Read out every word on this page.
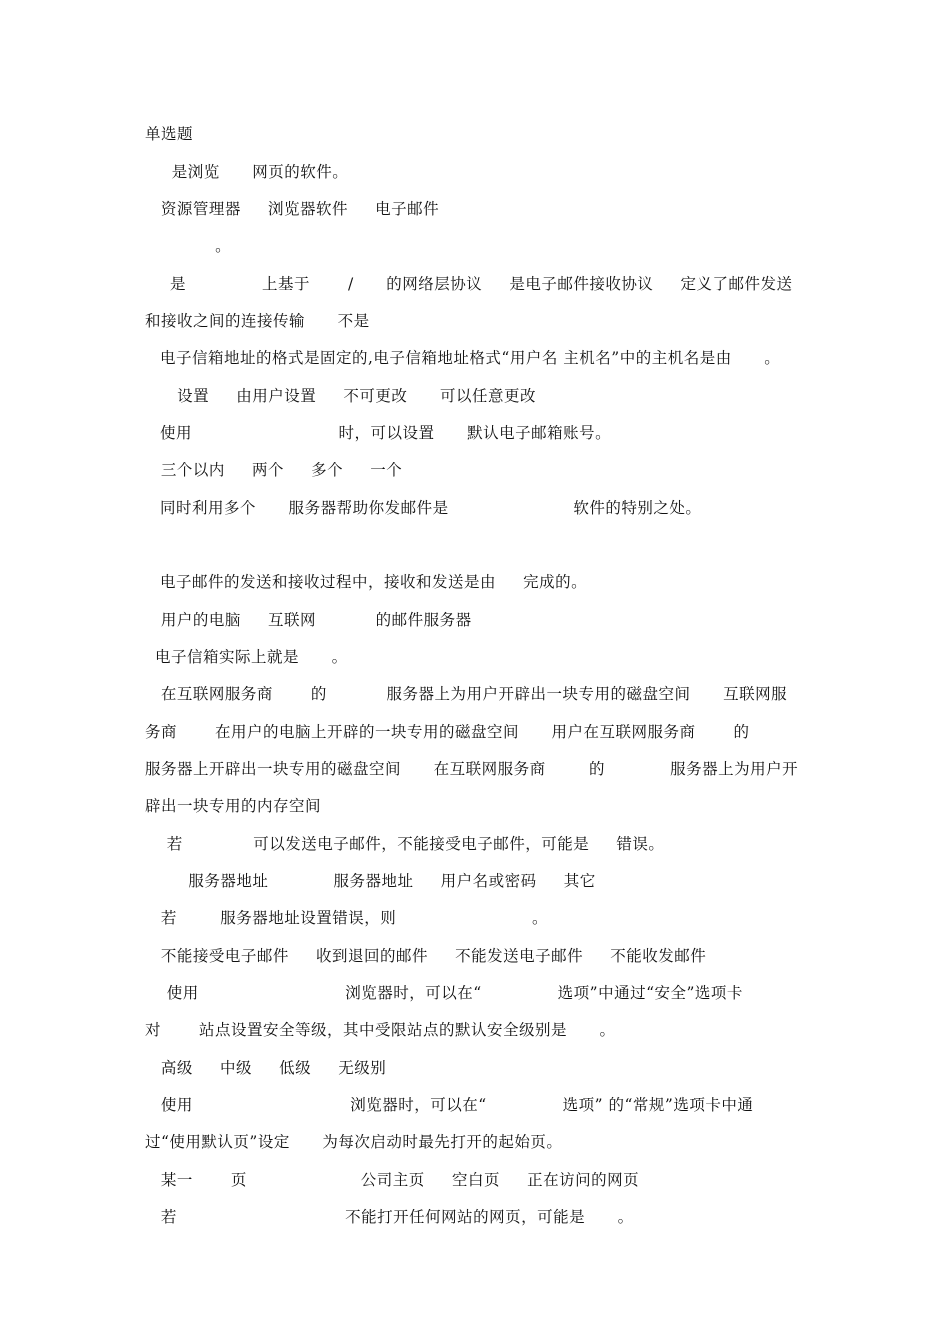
单选题

是浏览      网页的软件。

资源管理器     浏览器软件     电子邮件

。

是              上基于       /      的网络层协议     是电子邮件接收协议     定义了邮件发送

和接收之间的连接传输      不是

电子信箱地址的格式是固定的,电子信箱地址格式“用户名 主机名”中的主机名是由      。

设置     由用户设置     不可更改      可以任意更改

使用                           时，可以设置      默认电子邮箱账号。

三个以内     两个     多个     一个

同时利用多个      服务器帮助你发邮件是                       软件的特别之处。

电子邮件的发送和接收过程中，接收和发送是由     完成的。

用户的电脑     互联网           的邮件服务器

电子信箱实际上就是      。

在互联网服务商       的           服务器上为用户开辟出一块专用的磁盘空间      互联网服

务商       在用户的电脑上开辟的一块专用的磁盘空间      用户在互联网服务商       的

服务器上开辟出一块专用的磁盘空间      在互联网服务商        的            服务器上为用户开

辟出一块专用的内存空间

若             可以发送电子邮件，不能接受电子邮件，可能是     错误。

服务器地址            服务器地址     用户名或密码     其它

若        服务器地址设置错误，则                         。

不能接受电子邮件     收到退回的邮件     不能发送电子邮件     不能收发邮件

使用                           浏览器时，可以在“              选项”中通过“安全”选项卡

对       站点设置安全等级，其中受限站点的默认安全级别是      。

高级     中级     低级     无级别

使用                             浏览器时，可以在“              选项” 的“常规”选项卡中通

过“使用默认页”设定      为每次启动时最先打开的起始页。

某一       页                     公司主页     空白页     正在访问的网页

若                               不能打开任何网站的网页，可能是      。
